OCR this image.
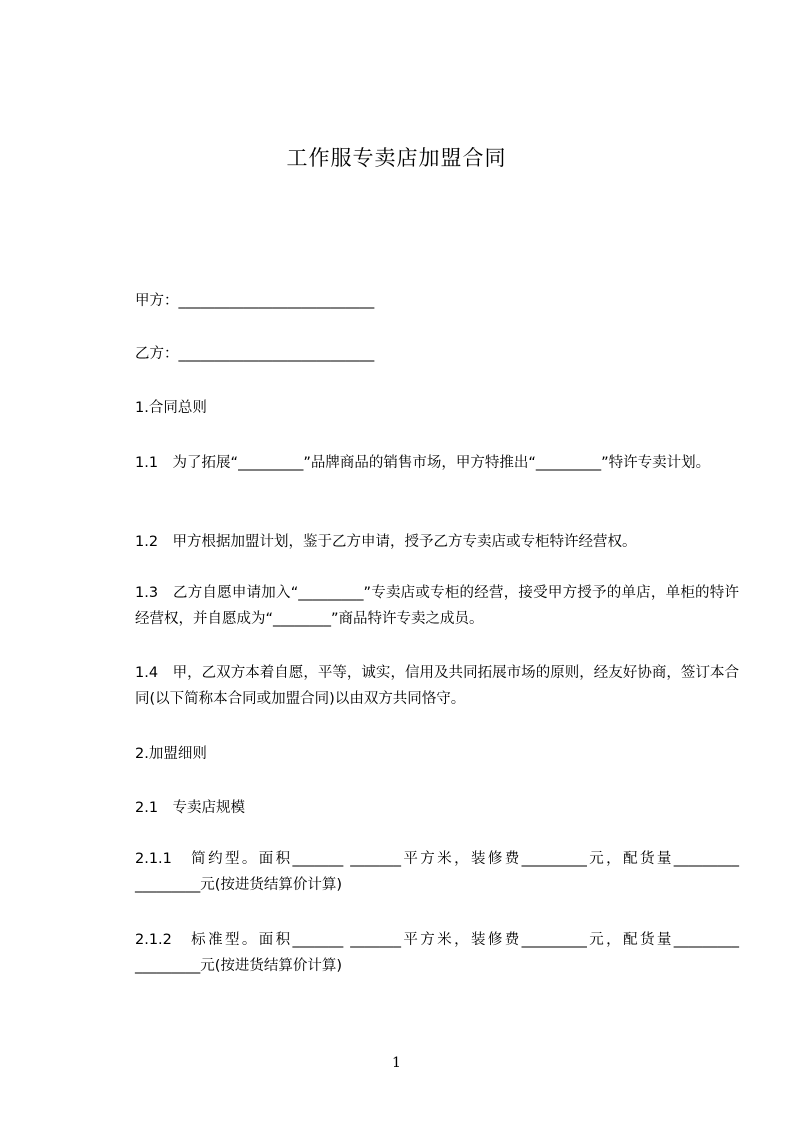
工作服专卖店加盟合同
甲方：___________________________
乙方：___________________________
1.合同总则
1.1　为了拓展“_________”品牌商品的销售市场，甲方特推出“_________”特许专卖计划。
1.2　甲方根据加盟计划，鉴于乙方申请，授予乙方专卖店或专柜特许经营权。
1.3　乙方自愿申请加入“_________”专卖店或专柜的经营，接受甲方授予的单店，单柜的特许经营权，并自愿成为“________”商品特许专卖之成员。
1.4　甲，乙双方本着自愿，平等，诚实，信用及共同拓展市场的原则，经友好协商，签订本合同(以下简称本合同或加盟合同)以由双方共同恪守。
2.加盟细则
2.1　专卖店规模
2.1.1　简约型。面积_______ _______平方米，装修费_________元，配货量_________　_________元(按进货结算价计算)
2.1.2　标准型。面积_______ _______平方米，装修费_________元，配货量_________　_________元(按进货结算价计算)
1
